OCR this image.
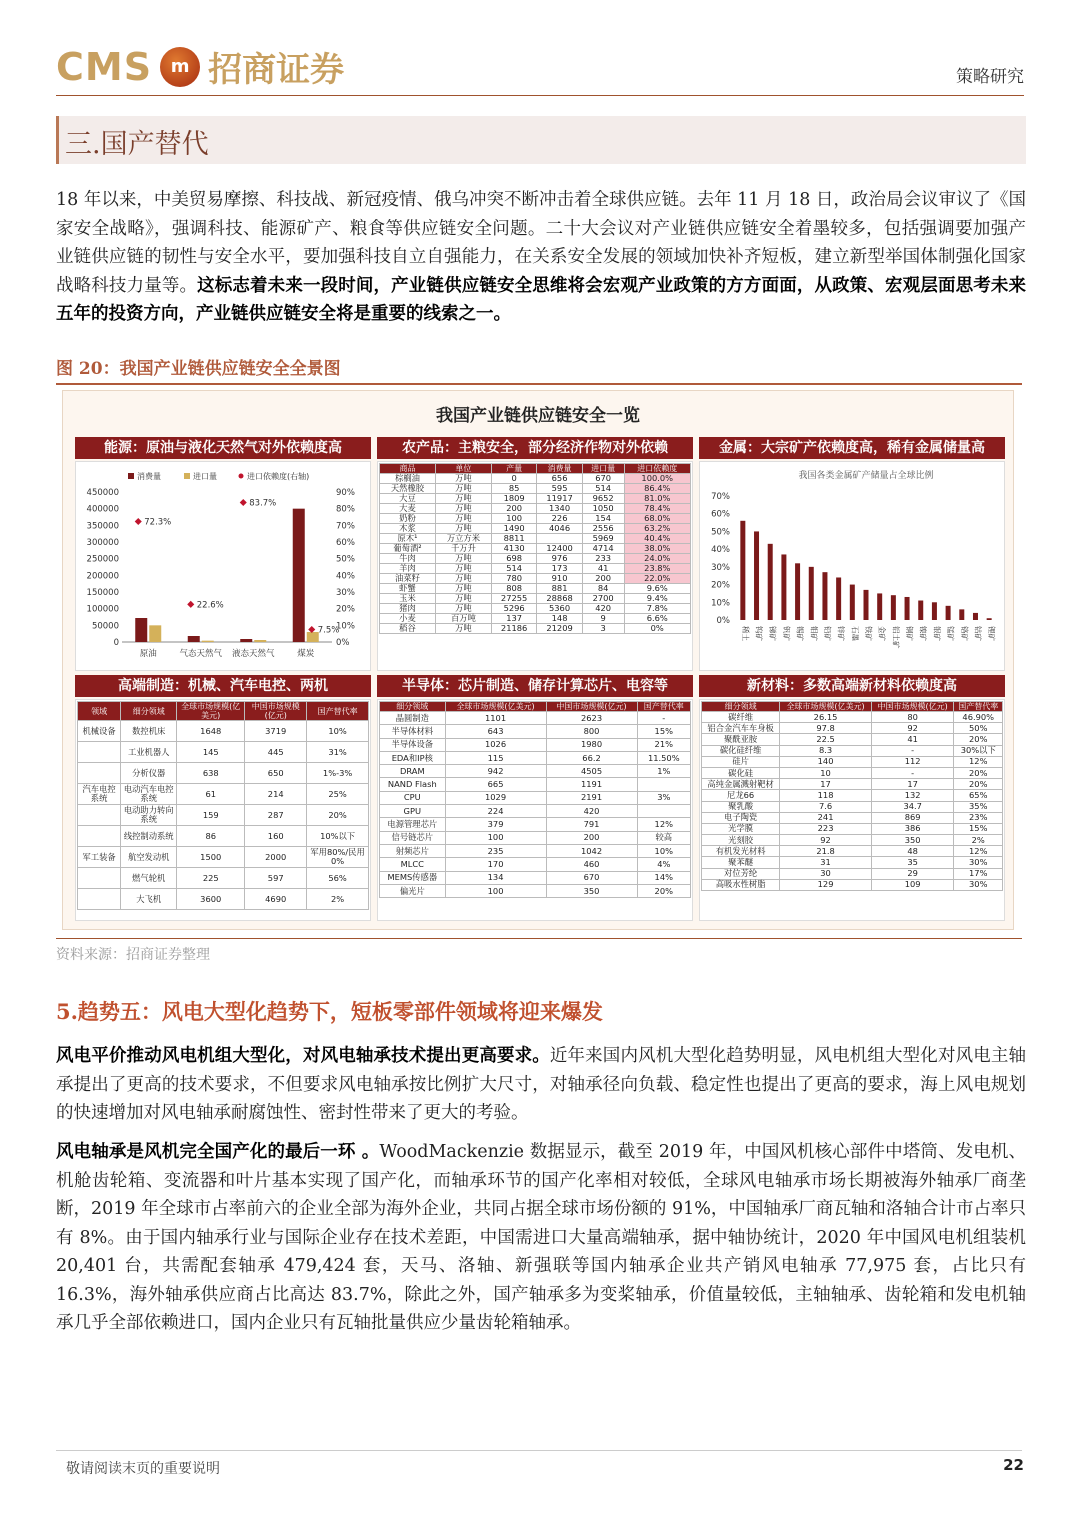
CMS	m 招商证券	策略研究
三.国产替代
18 年以来，中美贸易摩擦、科技战、新冠疫情、俄乌冲突不断冲击着全球供应链。去年 11 月 18 日，政治局会议审议了《国家安全战略》，强调科技、能源矿产、粮食等供应链安全问题。二十大会议对产业链供应链安全着墨较多，包括强调要加强产业链供应链的韧性与安全水平，要加强科技自立自强能力，在关系安全发展的领域加快补齐短板，建立新型举国体制强化国家战略科技力量等。这标志着未来一段时间，产业链供应链安全思维将会宏观产业政策的方方面面，从政策、宏观层面思考未来五年的投资方向，产业链供应链安全将是重要的线索之一。
图 20：我国产业链供应链安全全景图
我国产业链供应链安全一览
能源：原油与液化天然气对外依赖度高
450000
400000
350000
300000
250000
200000
150000
100000
50000
0
90%
80%
70%
60%
50%
40%
30%
20%
10%
0%
消费量	进口量	进口依赖度(右轴)
原油
72.3%
气态天然气
22.6%
液态天然气
83.7%
煤炭
7.5%
农产品：主粮安全，部分经济作物对外依赖
商品	单位	产量	消费量	进口量	进口依赖度
棕榈油	万吨	0	656	670	100.0%
天然橡胶	万吨	85	595	514	86.4%
大豆	万吨	1809	11917	9652	81.0%
大麦	万吨	200	1340	1050	78.4%
奶粉	万吨	100	226	154	68.0%
木浆	万吨	1490	4046	2556	63.2%
原木¹	万立方米	8811		5969	40.4%
葡萄酒²	千万升	4130	12400	4714	38.0%
牛肉	万吨	698	976	233	24.0%
羊肉	万吨	514	173	41	23.8%
油菜籽	万吨	780	910	200	22.0%
虾蟹	万吨	808	881	84	9.6%
玉米	万吨	27255	28868	2700	9.4%
猪肉	万吨	5296	5360	420	7.8%
小麦	百万吨	137	148	9	6.6%
稻谷	万吨	21186	21209	3	0%
金属：大宗矿产依赖度高，稀有金属储量高
我国各类金属矿产储量占全球比例
70%
60%
50%
40%
30%
20%
10%
0%
稀土 钨矿 锑矿 钒矿 锡矿 钼矿 铅矿 锌矿 石墨 铁矿 金矿 铝土矿 铜矿 镍矿 银矿 锰矿 铬矿 钴矿 锂矿
高端制造：机械、汽车电控、两机
领域	细分领域	全球市场规模(亿美元)	中国市场规模(亿元)	国产替代率
机械设备	数控机床	1648	3719	10%
	工业机器人	145	445	31%
	分析仪器	638	650	1%-3%
汽车电控系统	电动汽车电控系统	61	214	25%
	电动助力转向系统	159	287	20%
	线控制动系统	86	160	10%以下
军工装备	航空发动机	1500	2000	军用80%/民用0%
	燃气轮机	225	597	56%
	大飞机	3600	4690	2%
半导体：芯片制造、储存计算芯片、电容等
细分领域	全球市场规模(亿美元)	中国市场规模(亿元)	国产替代率
晶圆制造	1101	2623	-
半导体材料	643	800	15%
半导体设备	1026	1980	21%
EDA和IP核	115	66.2	11.50%
DRAM	942	4505	1%
NAND Flash	665	1191	
CPU	1029	2191	3%
GPU	224	420	
电源管理芯片	379	791	12%
信号链芯片	100	200	较高
射频芯片	235	1042	10%
MLCC	170	460	4%
MEMS传感器	134	670	14%
偏光片	100	350	20%
新材料：多数高端新材料依赖度高
细分领域	全球市场规模(亿美元)	中国市场规模(亿元)	国产替代率
碳纤维	26.15	80	46.90%
铝合金汽车车身板	97.8	92	50%
聚酰亚胺	22.5	41	20%
碳化硅纤维	8.3	-	30%以下
硅片	140	112	12%
碳化硅	10	-	20%
高纯金属溅射靶材	17	17	20%
尼龙66	118	132	65%
聚乳酸	7.6	34.7	35%
电子陶瓷	241	869	23%
光学膜	223	386	15%
光刻胶	92	350	2%
有机发光材料	21.8	48	12%
聚苯醚	31	35	30%
对位芳纶	30	29	17%
高吸水性树脂	129	109	30%
资料来源：招商证券整理
5.趋势五：风电大型化趋势下，短板零部件领域将迎来爆发
风电平价推动风电机组大型化，对风电轴承技术提出更高要求。近年来国内风机大型化趋势明显，风电机组大型化对风电主轴承提出了更高的技术要求，不但要求风电轴承按比例扩大尺寸，对轴承径向负载、稳定性也提出了更高的要求，海上风电规划的快速增加对风电轴承耐腐蚀性、密封性带来了更大的考验。
风电轴承是风机完全国产化的最后一环 。WoodMackenzie 数据显示，截至 2019 年，中国风机核心部件中塔筒、发电机、机舱齿轮箱、变流器和叶片基本实现了国产化，而轴承环节的国产化率相对较低，全球风电轴承市场长期被海外轴承厂商垄断，2019 年全球市占率前六的企业全部为海外企业，共同占据全球市场份额的 91%，中国轴承厂商瓦轴和洛轴合计市占率只有 8%。由于国内轴承行业与国际企业存在技术差距，中国需进口大量高端轴承，据中轴协统计，2020 年中国风电机组装机 20,401 台，共需配套轴承 479,424 套，天马、洛轴、新强联等国内轴承企业共产销风电轴承 77,975 套，占比只有 16.3%，海外轴承供应商占比高达 83.7%，除此之外，国产轴承多为变桨轴承，价值量较低，主轴轴承、齿轮箱和发电机轴承几乎全部依赖进口，国内企业只有瓦轴批量供应少量齿轮箱轴承。
敬请阅读末页的重要说明	22
